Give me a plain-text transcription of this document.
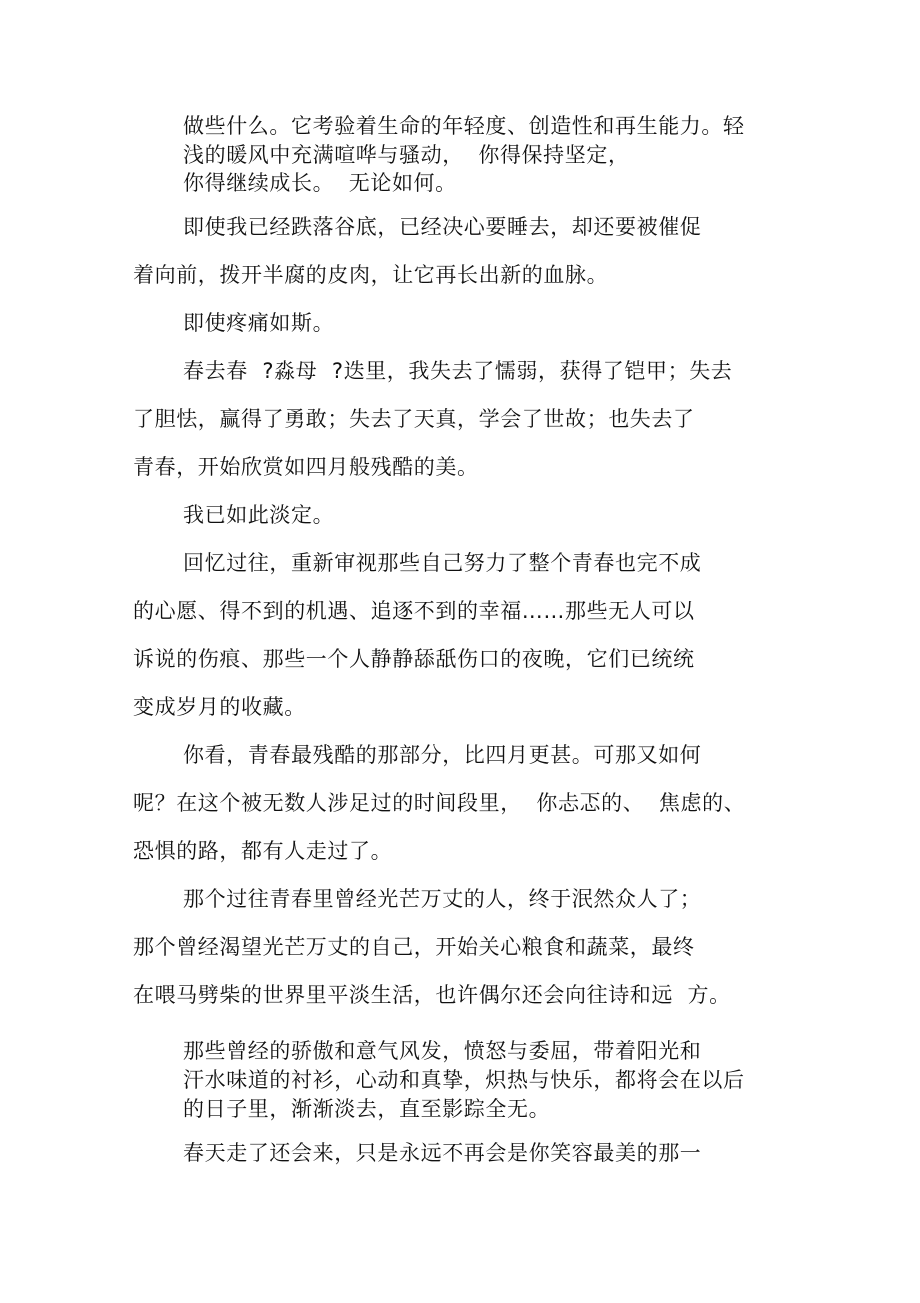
做些什么。它考验着生命的年轻度、创造性和再生能力。轻
浅的暖风中充满喧哗与骚动，  你得保持坚定，
你得继续成长。  无论如何。
即使我已经跌落谷底，已经决心要睡去，却还要被催促
着向前，拨开半腐的皮肉，让它再长出新的血脉。
即使疼痛如斯。
春去春  ?淼母  ?迭里，我失去了懦弱，获得了铠甲；失去
了胆怯，赢得了勇敢；失去了天真，学会了世故；也失去了
青春，开始欣赏如四月般残酷的美。
我已如此淡定。
回忆过往，重新审视那些自己努力了整个青春也完不成
的心愿、得不到的机遇、追逐不到的幸福……那些无人可以
诉说的伤痕、那些一个人静静舔舐伤口的夜晚，它们已统统
变成岁月的收藏。
你看，青春最残酷的那部分，比四月更甚。可那又如何
呢？在这个被无数人涉足过的时间段里，  你忐忑的、  焦虑的、
恐惧的路，都有人走过了。
那个过往青春里曾经光芒万丈的人，终于泯然众人了；
那个曾经渴望光芒万丈的自己，开始关心粮食和蔬菜，最终
在喂马劈柴的世界里平淡生活，也许偶尔还会向往诗和远  方。
那些曾经的骄傲和意气风发，愤怒与委屈，带着阳光和
汗水味道的衬衫，心动和真挚，炽热与快乐，都将会在以后
的日子里，渐渐淡去，直至影踪全无。
春天走了还会来，只是永远不再会是你笑容最美的那一
